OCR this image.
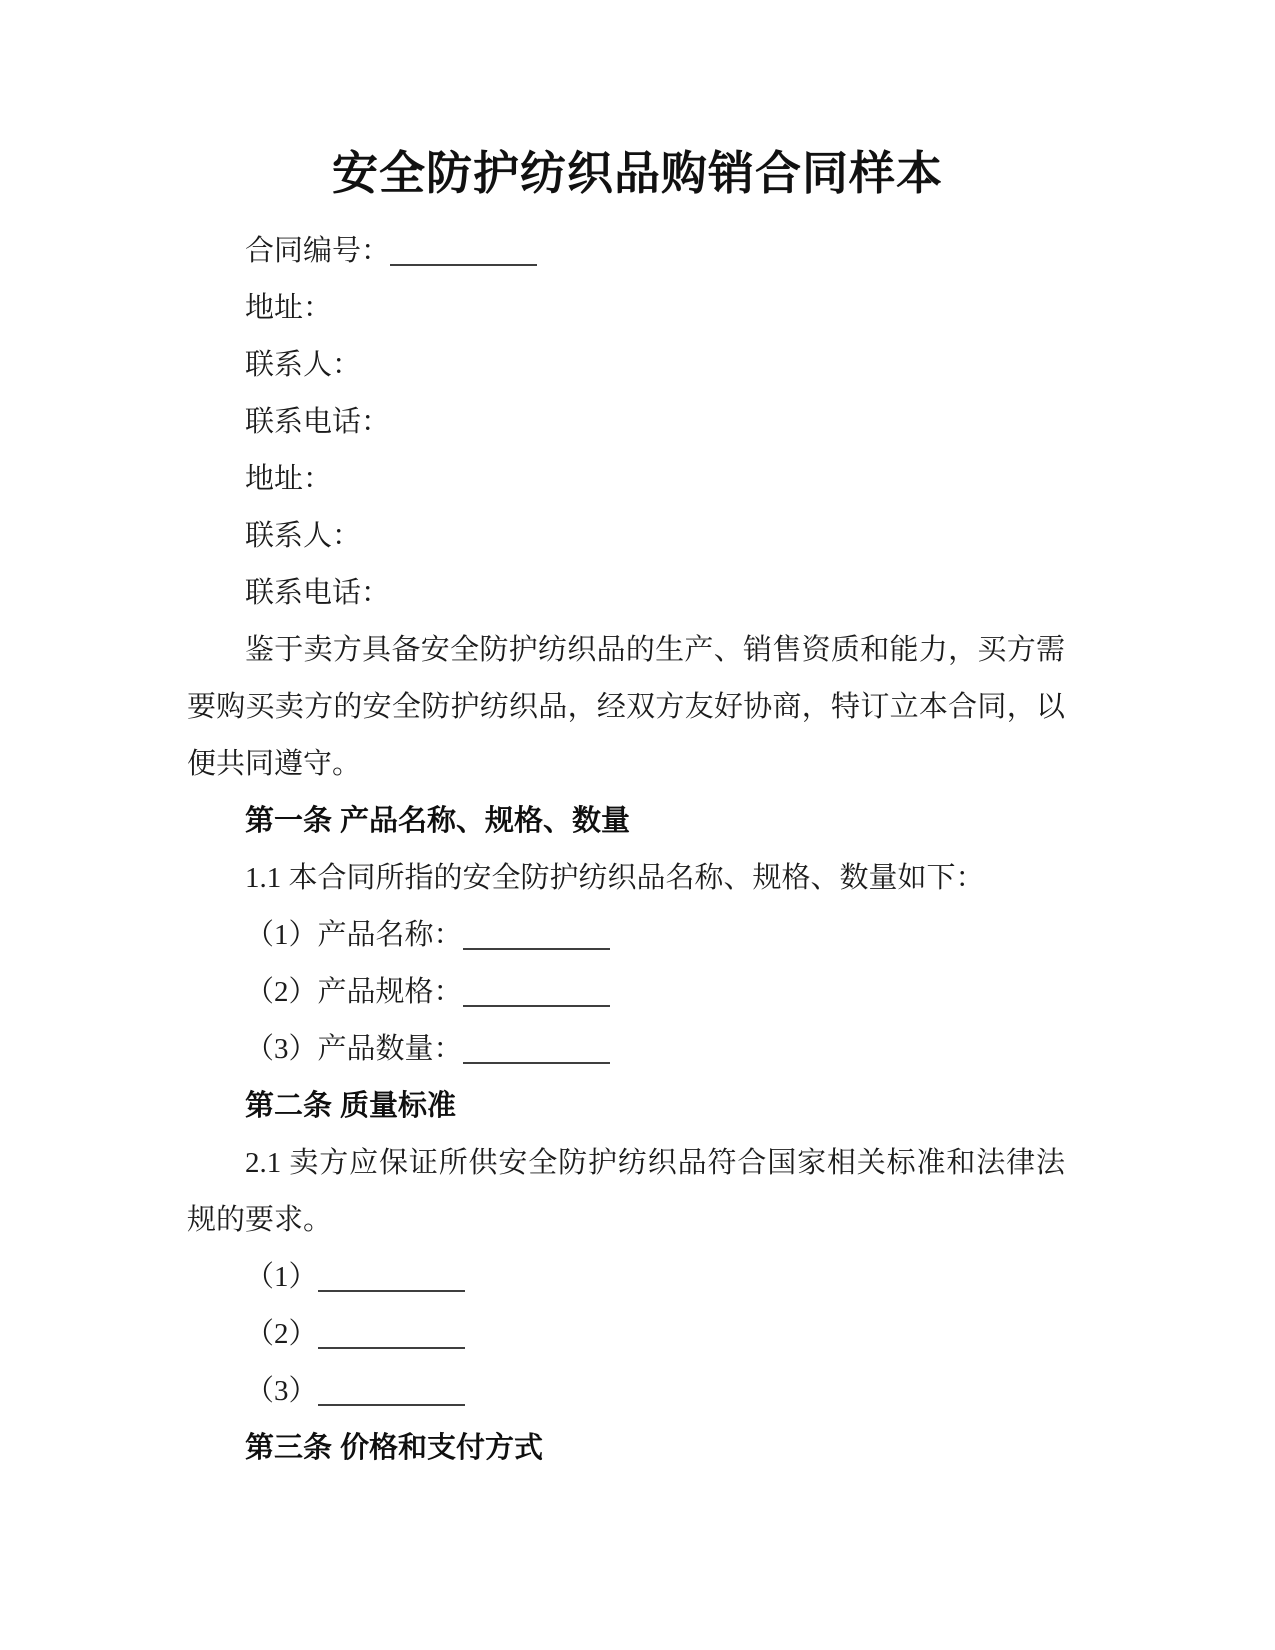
安全防护纺织品购销合同样本

合同编号：

地址：

联系人：

联系电话：

地址：

联系人：

联系电话：

鉴于卖方具备安全防护纺织品的生产、销售资质和能力，买方需要购买卖方的安全防护纺织品，经双方友好协商，特订立本合同，以便共同遵守。

第一条 产品名称、规格、数量

1.1 本合同所指的安全防护纺织品名称、规格、数量如下：

（1）产品名称：

（2）产品规格：

（3）产品数量：

第二条 质量标准

2.1 卖方应保证所供安全防护纺织品符合国家相关标准和法律法规的要求。

（1）

（2）

（3）

第三条 价格和支付方式
